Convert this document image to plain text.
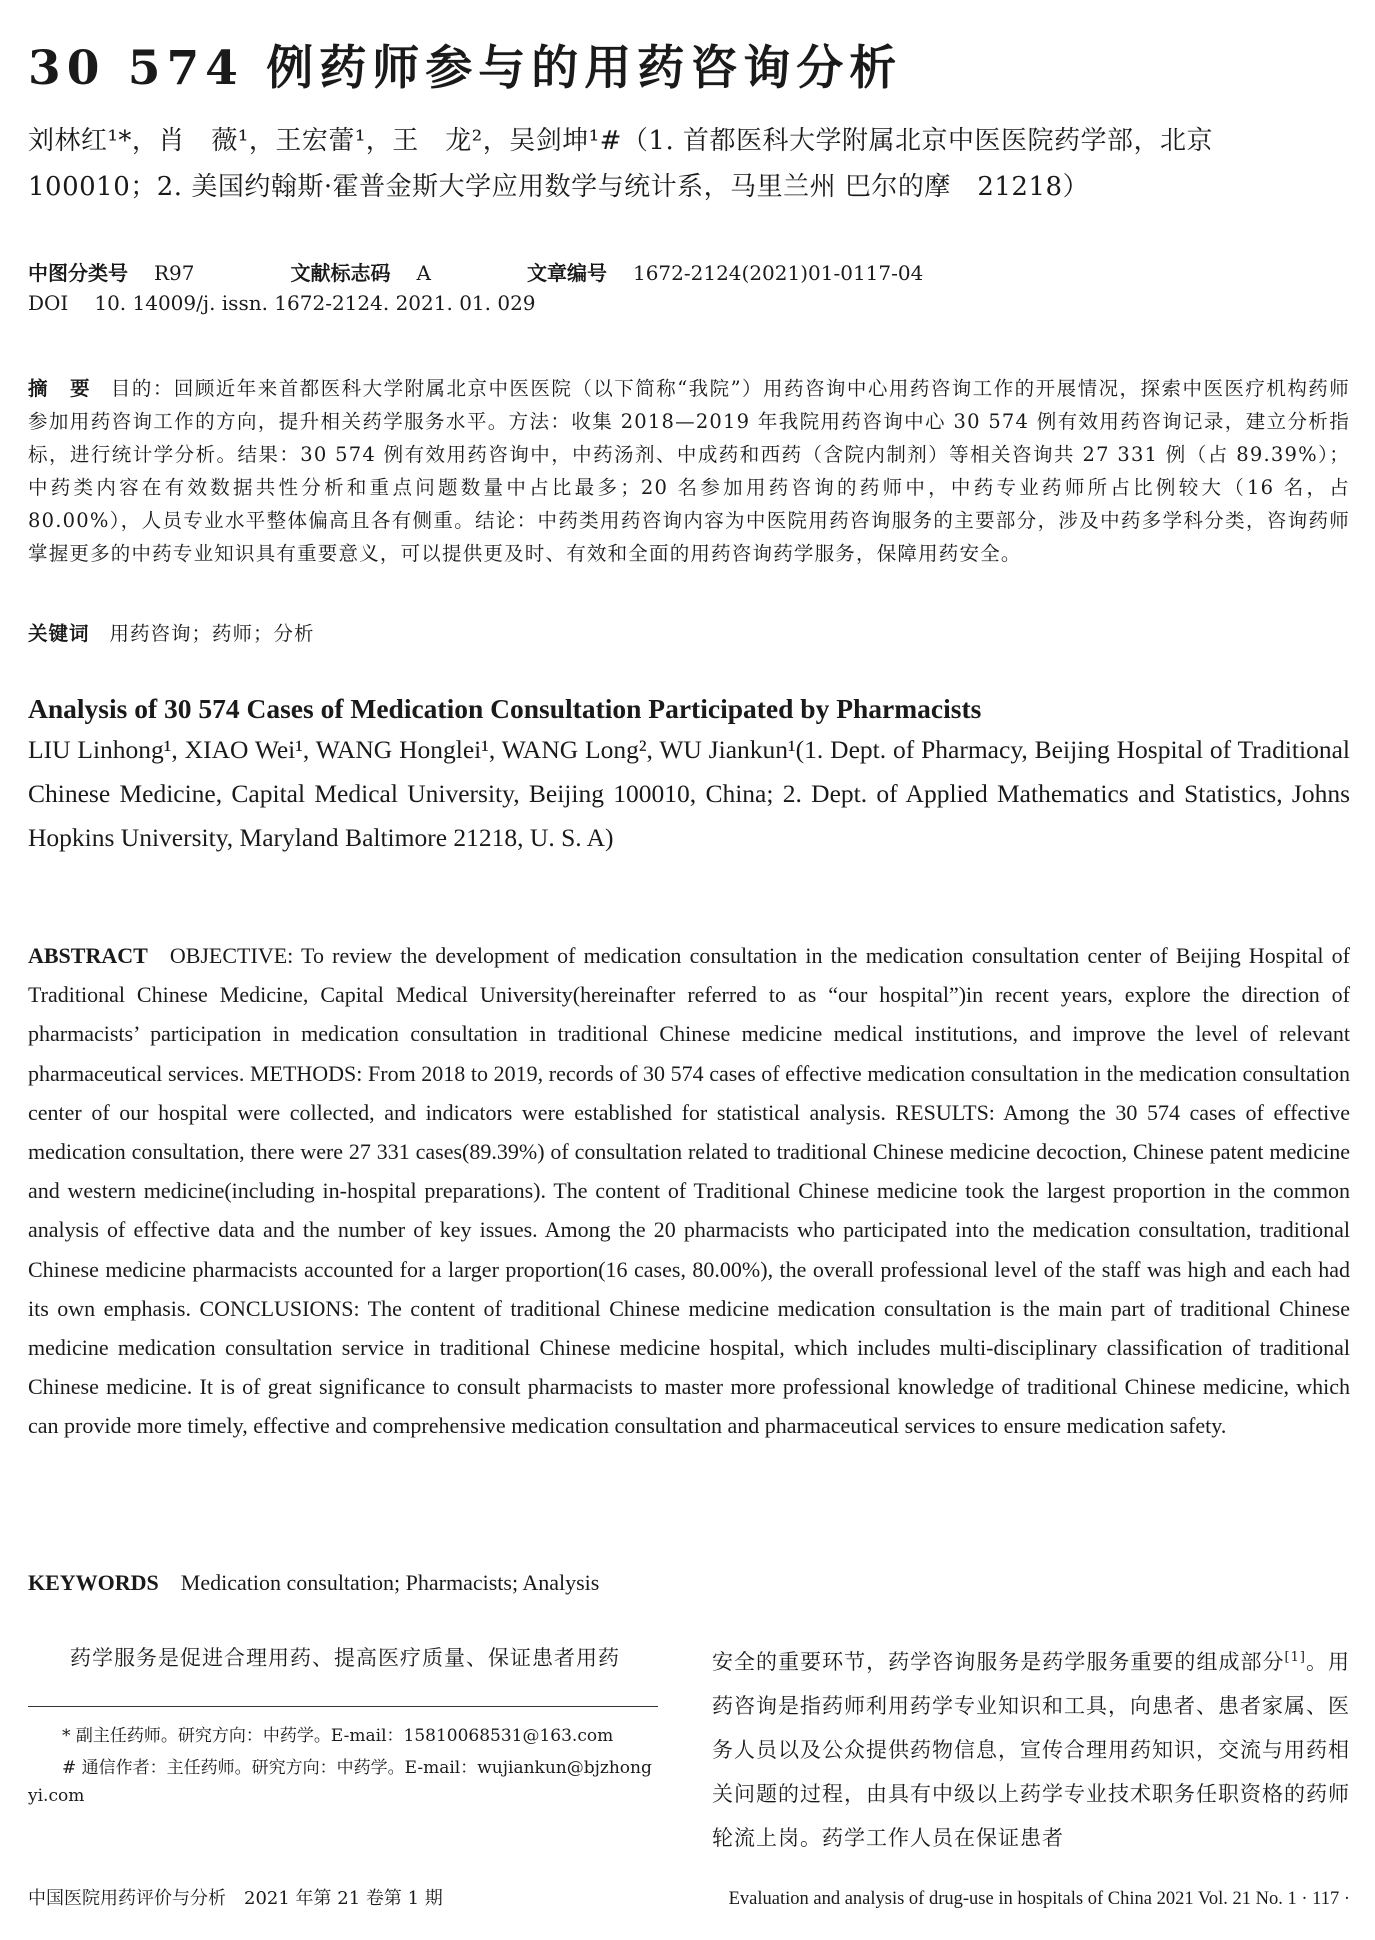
30 574 例药师参与的用药咨询分析

刘林红¹*，肖　薇¹，王宏蕾¹，王　龙²，吴剑坤¹#（1. 首都医科大学附属北京中医医院药学部，北京　100010；2. 美国约翰斯·霍普金斯大学应用数学与统计系，马里兰州 巴尔的摩　21218）

中图分类号 R97	文献标志码 A	文章编号 1672-2124(2021)01-0117-04
DOI 10. 14009/j. issn. 1672-2124. 2021. 01. 029

摘　要 目的：回顾近年来首都医科大学附属北京中医医院（以下简称“我院”）用药咨询中心用药咨询工作的开展情况，探索中医医疗机构药师参加用药咨询工作的方向，提升相关药学服务水平。方法：收集 2018—2019 年我院用药咨询中心 30 574 例有效用药咨询记录，建立分析指标，进行统计学分析。结果：30 574 例有效用药咨询中，中药汤剂、中成药和西药（含院内制剂）等相关咨询共 27 331 例（占 89.39%）；中药类内容在有效数据共性分析和重点问题数量中占比最多；20 名参加用药咨询的药师中，中药专业药师所占比例较大（16 名，占 80.00%），人员专业水平整体偏高且各有侧重。结论：中药类用药咨询内容为中医院用药咨询服务的主要部分，涉及中药多学科分类，咨询药师掌握更多的中药专业知识具有重要意义，可以提供更及时、有效和全面的用药咨询药学服务，保障用药安全。

关键词 用药咨询；药师；分析
Analysis of 30 574 Cases of Medication Consultation Participated by Pharmacists

LIU Linhong¹, XIAO Wei¹, WANG Honglei¹, WANG Long², WU Jiankun¹(1. Dept. of Pharmacy, Beijing Hospital of Traditional Chinese Medicine, Capital Medical University, Beijing 100010, China; 2. Dept. of Applied Mathematics and Statistics, Johns Hopkins University, Maryland Baltimore 21218, U. S. A)

ABSTRACT OBJECTIVE: To review the development of medication consultation in the medication consultation center of Beijing Hospital of Traditional Chinese Medicine, Capital Medical University(hereinafter referred to as “our hospital”)in recent years, explore the direction of pharmacists’ participation in medication consultation in traditional Chinese medicine medical institutions, and improve the level of relevant pharmaceutical services. METHODS: From 2018 to 2019, records of 30 574 cases of effective medication consultation in the medication consultation center of our hospital were collected, and indicators were established for statistical analysis. RESULTS: Among the 30 574 cases of effective medication consultation, there were 27 331 cases(89.39%) of consultation related to traditional Chinese medicine decoction, Chinese patent medicine and western medicine(including in-hospital preparations). The content of Traditional Chinese medicine took the largest proportion in the common analysis of effective data and the number of key issues. Among the 20 pharmacists who participated into the medication consultation, traditional Chinese medicine pharmacists accounted for a larger proportion(16 cases, 80.00%), the overall professional level of the staff was high and each had its own emphasis. CONCLUSIONS: The content of traditional Chinese medicine medication consultation is the main part of traditional Chinese medicine medication consultation service in traditional Chinese medicine hospital, which includes multi-disciplinary classification of traditional Chinese medicine. It is of great significance to consult pharmacists to master more professional knowledge of traditional Chinese medicine, which can provide more timely, effective and comprehensive medication consultation and pharmaceutical services to ensure medication safety.

KEYWORDS Medication consultation; Pharmacists; Analysis

药学服务是促进合理用药、提高医疗质量、保证患者用药

* 副主任药师。研究方向：中药学。E-mail：15810068531@163.com

# 通信作者：主任药师。研究方向：中药学。E-mail：wujiankun@bjzhongyi.com

安全的重要环节，药学咨询服务是药学服务重要的组成部分[1]。用药咨询是指药师利用药学专业知识和工具，向患者、患者家属、医务人员以及公众提供药物信息，宣传合理用药知识，交流与用药相关问题的过程，由具有中级以上药学专业技术职务任职资格的药师轮流上岗。药学工作人员在保证患者

中国医院用药评价与分析　2021 年第 21 卷第 1 期	Evaluation and analysis of drug-use in hospitals of China 2021 Vol. 21 No. 1 · 117 ·
